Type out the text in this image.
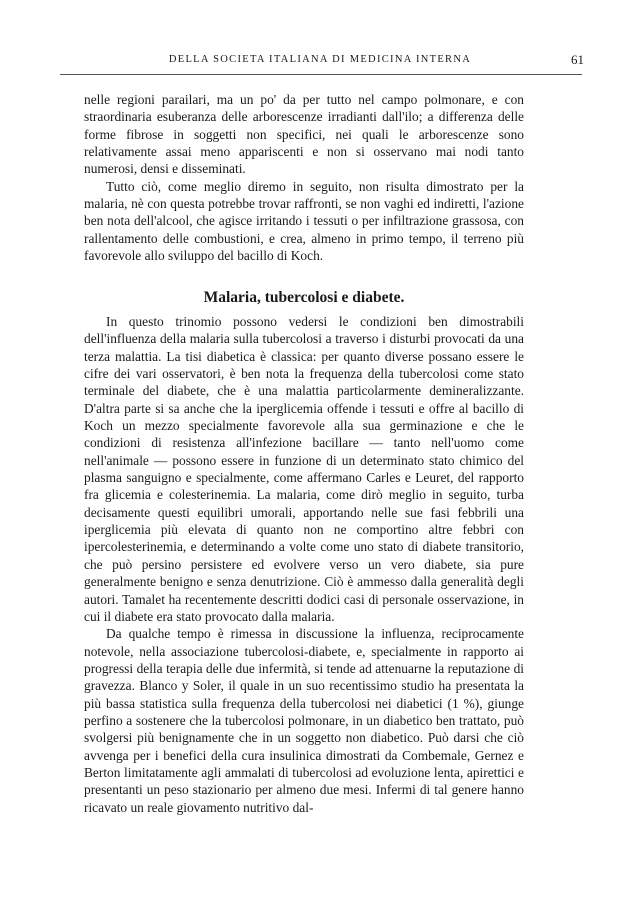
DELLA SOCIETA ITALIANA DI MEDICINA INTERNA	61

nelle regioni parailari, ma un po' da per tutto nel campo polmonare, e con straordinaria esuberanza delle arborescenze irradianti dall'ilo; a differenza delle forme fibrose in soggetti non specifici, nei quali le arborescenze sono relativamente assai meno appariscenti e non si osservano mai nodi tanto numerosi, densi e disseminati.

Tutto ciò, come meglio diremo in seguito, non risulta dimostrato per la malaria, nè con questa potrebbe trovar raffronti, se non vaghi ed indiretti, l'azione ben nota dell'alcool, che agisce irritando i tessuti o per infiltrazione grassosa, con rallentamento delle combustioni, e crea, almeno in primo tempo, il terreno più favorevole allo sviluppo del bacillo di Koch.

Malaria, tubercolosi e diabete.

In questo trinomio possono vedersi le condizioni ben dimostrabili dell'influenza della malaria sulla tubercolosi a traverso i disturbi provocati da una terza malattia. La tisi diabetica è classica: per quanto diverse possano essere le cifre dei vari osservatori, è ben nota la frequenza della tubercolosi come stato terminale del diabete, che è una malattia particolarmente demineralizzante. D'altra parte si sa anche che la iperglicemia offende i tessuti e offre al bacillo di Koch un mezzo specialmente favorevole alla sua germinazione e che le condizioni di resistenza all'infezione bacillare — tanto nell'uomo come nell'animale — possono essere in funzione di un determinato stato chimico del plasma sanguigno e specialmente, come affermano Carles e Leuret, del rapporto fra glicemia e colesterinemia. La malaria, come dirò meglio in seguito, turba decisamente questi equilibri umorali, apportando nelle sue fasi febbrili una iperglicemia più elevata di quanto non ne comportino altre febbri con ipercolesterinemia, e determinando a volte come uno stato di diabete transitorio, che può persino persistere ed evolvere verso un vero diabete, sia pure generalmente benigno e senza denutrizione. Ciò è ammesso dalla generalità degli autori. Tamalet ha recentemente descritti dodici casi di personale osservazione, in cui il diabete era stato provocato dalla malaria.

Da qualche tempo è rimessa in discussione la influenza, reciprocamente notevole, nella associazione tubercolosi-diabete, e, specialmente in rapporto ai progressi della terapia delle due infermità, si tende ad attenuarne la reputazione di gravezza. Blanco y Soler, il quale in un suo recentissimo studio ha presentata la più bassa statistica sulla frequenza della tubercolosi nei diabetici (1 %), giunge perfino a sostenere che la tubercolosi polmonare, in un diabetico ben trattato, può svolgersi più benignamente che in un soggetto non diabetico. Può darsi che ciò avvenga per i benefici della cura insulinica dimostrati da Combemale, Gernez e Berton limitatamente agli ammalati di tubercolosi ad evoluzione lenta, apirettici e presentanti un peso stazionario per almeno due mesi. Infermi di tal genere hanno ricavato un reale giovamento nutritivo dal-
